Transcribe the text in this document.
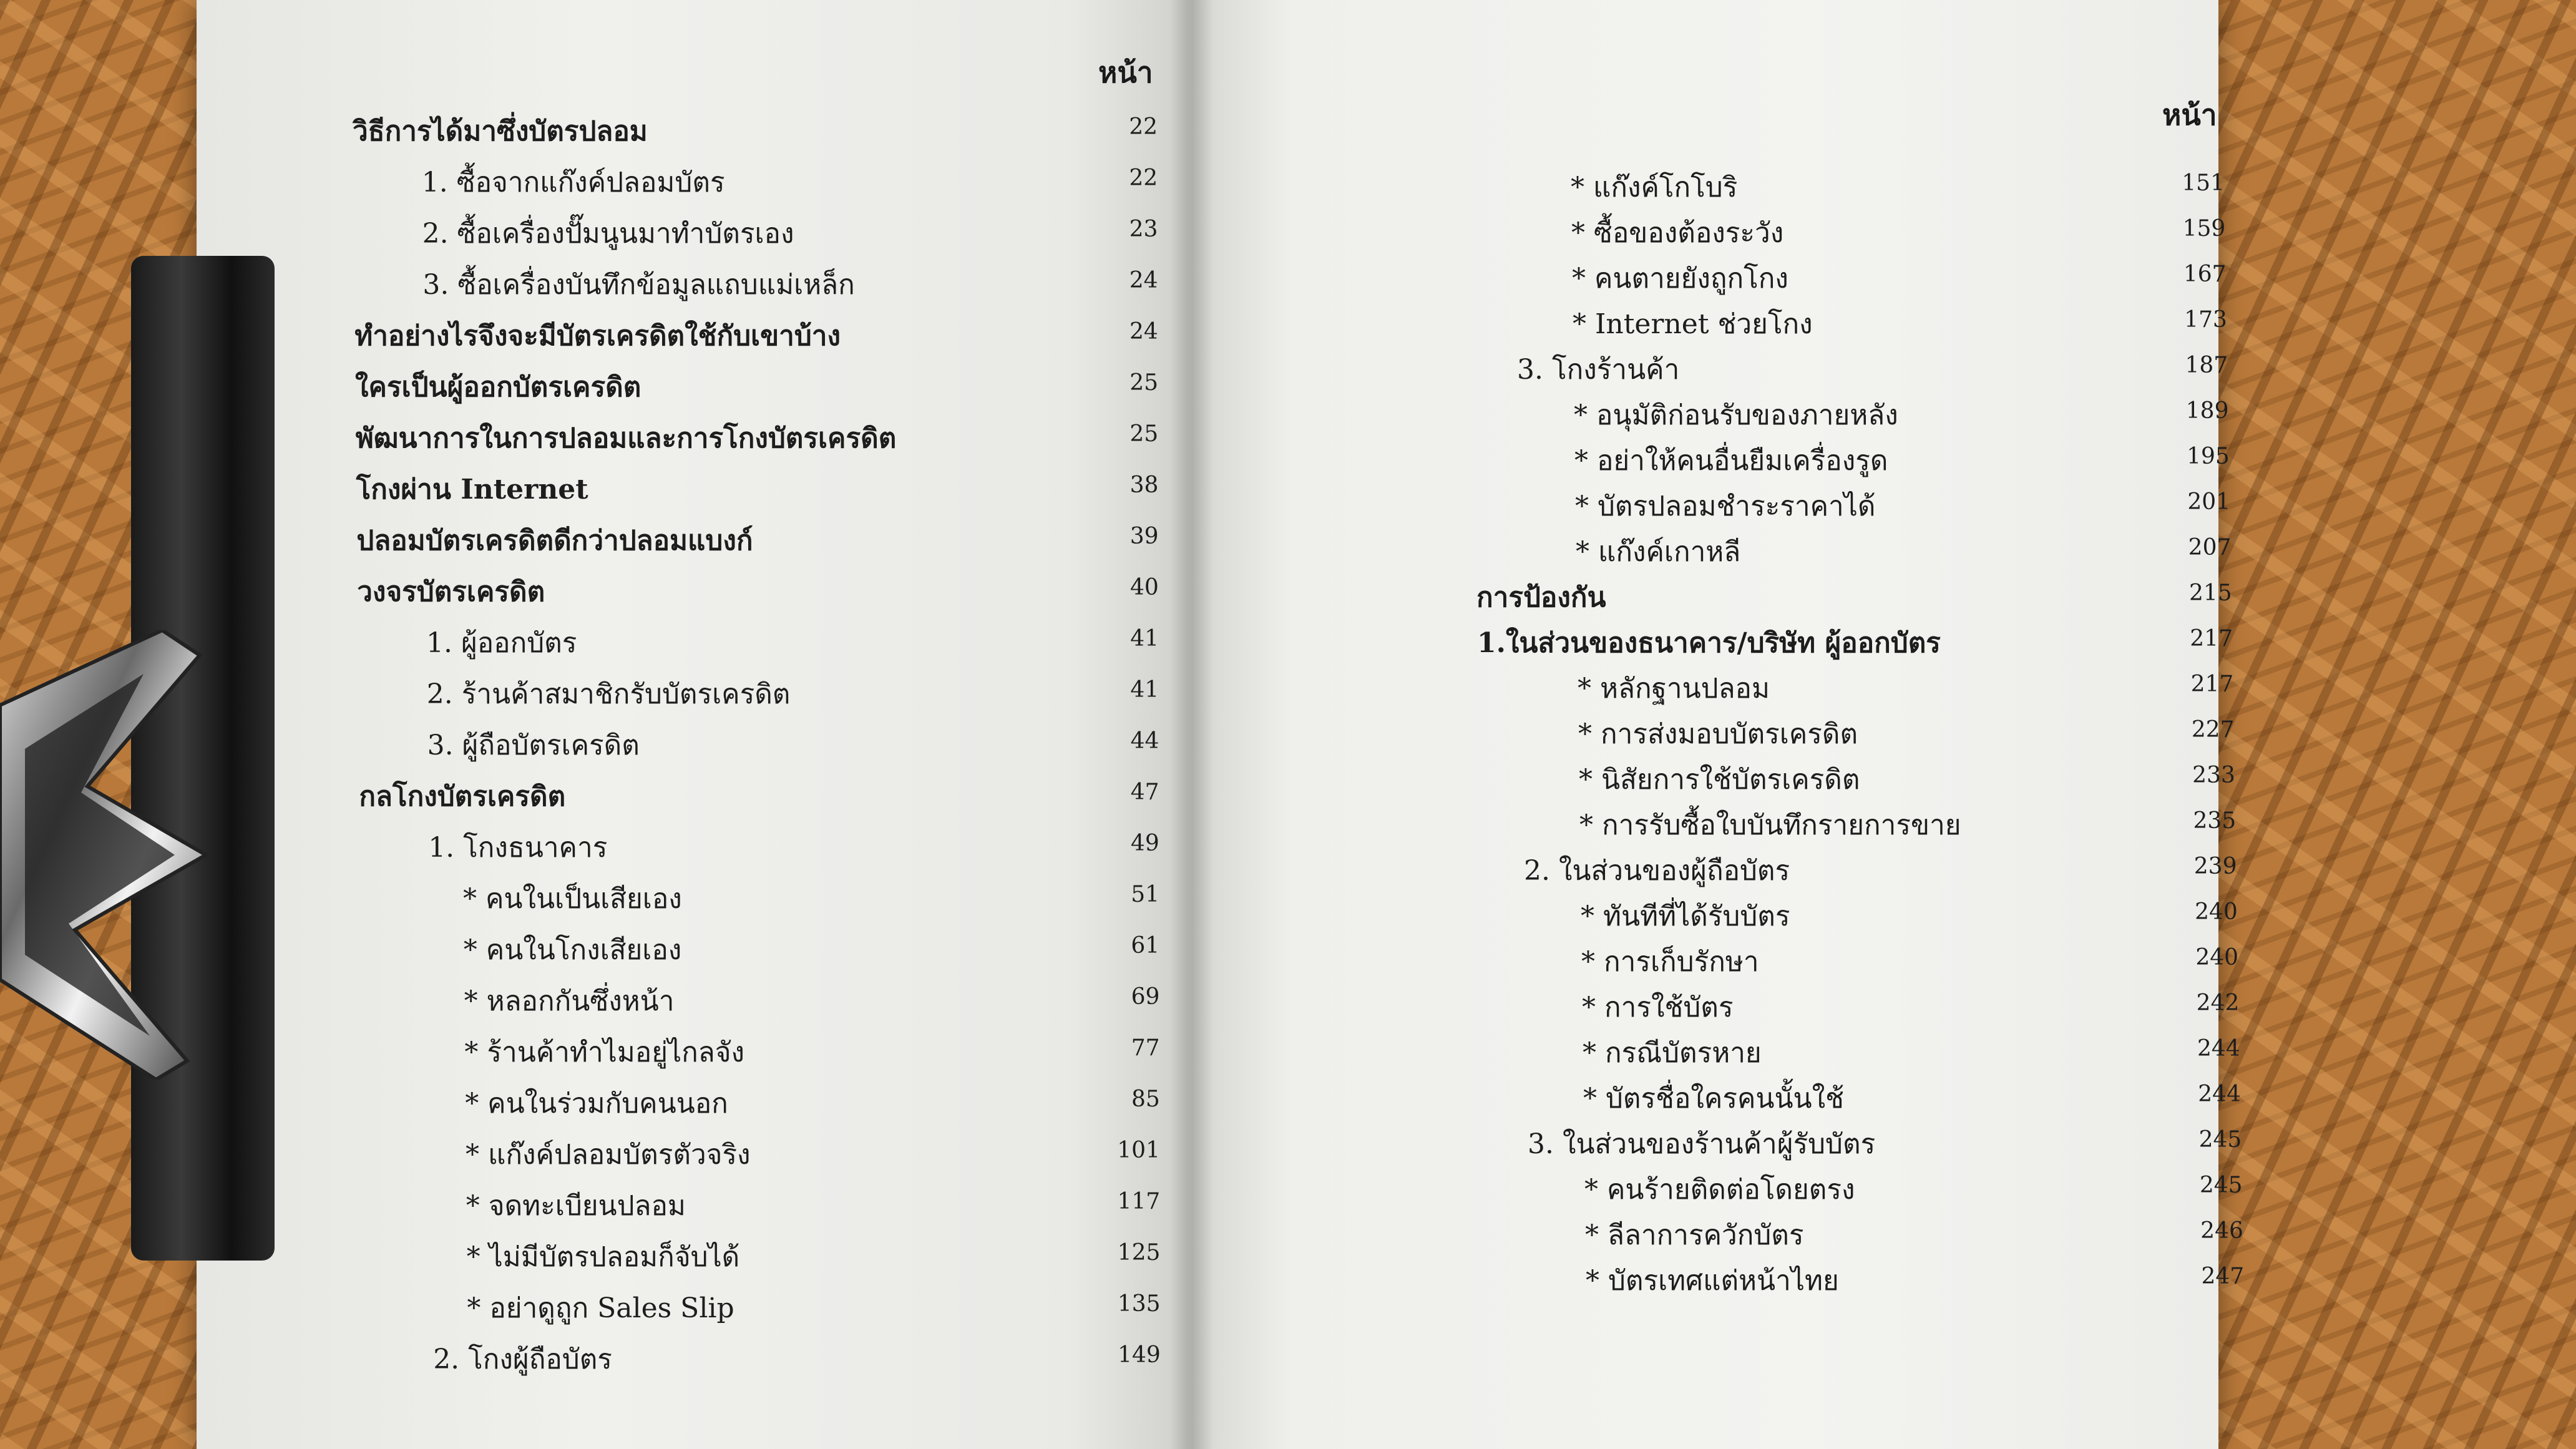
หน้า
วิธีการได้มาซึ่งบัตรปลอม	22
1. ซื้อจากแก๊งค์ปลอมบัตร	22
2. ซื้อเครื่องปั๊มนูนมาทำบัตรเอง	23
3. ซื้อเครื่องบันทึกข้อมูลแถบแม่เหล็ก	24
ทำอย่างไรจึงจะมีบัตรเครดิตใช้กับเขาบ้าง	24
ใครเป็นผู้ออกบัตรเครดิต	25
พัฒนาการในการปลอมและการโกงบัตรเครดิต	25
โกงผ่าน Internet	38
ปลอมบัตรเครดิตดีกว่าปลอมแบงก์	39
วงจรบัตรเครดิต	40
1. ผู้ออกบัตร	41
2. ร้านค้าสมาชิกรับบัตรเครดิต	41
3. ผู้ถือบัตรเครดิต	44
กลโกงบัตรเครดิต	47
1. โกงธนาคาร	49
* คนในเป็นเสียเอง	51
* คนในโกงเสียเอง	61
* หลอกกันซึ่งหน้า	69
* ร้านค้าทำไมอยู่ไกลจัง	77
* คนในร่วมกับคนนอก	85
* แก๊งค์ปลอมบัตรตัวจริง	101
* จดทะเบียนปลอม	117
* ไม่มีบัตรปลอมก็จับได้	125
* อย่าดูถูก Sales Slip	135
2. โกงผู้ถือบัตร	149
หน้า
* แก๊งค์โกโบริ	151
* ซื้อของต้องระวัง	159
* คนตายยังถูกโกง	167
* Internet ช่วยโกง	173
3. โกงร้านค้า	187
* อนุมัติก่อนรับของภายหลัง	189
* อย่าให้คนอื่นยืมเครื่องรูด	195
* บัตรปลอมชำระราคาได้	201
* แก๊งค์เกาหลี	207
การป้องกัน	215
1.ในส่วนของธนาคาร/บริษัท ผู้ออกบัตร	217
* หลักฐานปลอม	217
* การส่งมอบบัตรเครดิต	227
* นิสัยการใช้บัตรเครดิต	233
* การรับซื้อใบบันทึกรายการขาย	235
2. ในส่วนของผู้ถือบัตร	239
* ทันทีที่ได้รับบัตร	240
* การเก็บรักษา	240
* การใช้บัตร	242
* กรณีบัตรหาย	244
* บัตรชื่อใครคนนั้นใช้	244
3. ในส่วนของร้านค้าผู้รับบัตร	245
* คนร้ายติดต่อโดยตรง	245
* ลีลาการควักบัตร	246
* บัตรเทศแต่หน้าไทย	247
